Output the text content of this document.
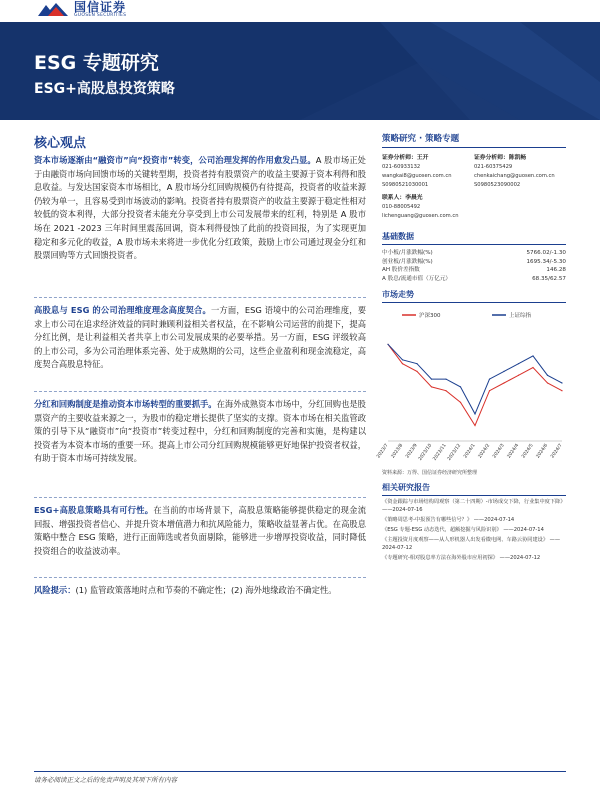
国信证券
GUOSEN SECURITIES
ESG 专题研究
ESG+高股息投资策略
核心观点
资本市场逐渐由“融资市”向“投资市”转变，公司治理发挥的作用愈发凸显。A 股市场正处于由融资市场向回馈市场的关键转型期，投资者持有股票资产的收益主要源于资本利得和股息收益。与发达国家资本市场相比，A 股市场分红回购规模仍有待提高，投资者的收益来源仍较为单一，且容易受到市场波动的影响。投资者持有股票资产的收益主要源于稳定性相对较低的资本利得，大部分投资者未能充分享受到上市公司发展带来的红利，特别是 A 股市场在 2021 -2023 三年时间里震荡回调，资本利得侵蚀了此前的投资回报，为了实现更加稳定和多元化的收益，A 股市场未来将进一步优化分红政策，鼓励上市公司通过现金分红和股票回购等方式回馈投资者。
高股息与 ESG 的公司治理维度理念高度契合。一方面，ESG 语境中的公司治理维度，要求上市公司在追求经济效益的同时兼顾利益相关者权益，在不影响公司运营的前提下，提高分红比例，是让利益相关者共享上市公司发展成果的必要举措。另一方面，ESG 评级较高的上市公司，多为公司治理体系完善、处于成熟期的公司，这些企业盈利和现金流稳定，高度契合高股息特征。
分红和回购制度是推动资本市场转型的重要抓手。在海外成熟资本市场中，分红回购也是股票资产的主要收益来源之一，为股市的稳定增长提供了坚实的支撑。资本市场在相关监管政策的引导下从“融资市”向“投资市”转变过程中，分红和回购制度的完善和实施，是构建以投资者为本资本市场的重要一环。提高上市公司分红回购规模能够更好地保护投资者权益，有助于资本市场可持续发展。
ESG+高股息策略具有可行性。在当前的市场背景下，高股息策略能够提供稳定的现金流回报、增强投资者信心、并提升资本增值潜力和抗风险能力，策略收益显著占优。在高股息策略中整合 ESG 策略，进行正面筛选或者负面剔除，能够进一步增厚投资收益，同时降低投资组合的收益波动率。
风险提示：(1) 监管政策落地时点和节奏的不确定性；(2) 海外地缘政治不确定性。
策略研究 · 策略专题
证券分析师：王开
021-60933132
wangkai8@guosen.com.cn
S0980521030001
证券分析师：陈凯畅
021-60375429
chenkaichang@guosen.com.cn
S0980523090002
联系人：李晨光
010-88005492
lichenguang@guosen.com.cn
基础数据
中小板/月涨跌幅(%)	5766.02/-1.30
创业板/月涨跌幅(%)	1695.34/-5.30
AH 股价差指数	146.28
A 股总/流通市值（万亿元）	68.35/62.57
市场走势
沪深300	上证综指
2023/7 2023/8 2023/9 2023/10 2023/11 2023/12 2024/1 2024/2 2024/3 2024/4 2024/5 2024/6 2024/7
资料来源：万得、国信证券经济研究所整理
相关研究报告
《资金跟踪与市场结构周观察（第二十四期）-市场成交下降，行业集中度下降》 ——2024-07-16
《策略周思考-中报预告有哪些信号？》 ——2024-07-14
《ESG 专题-ESG 动态迭代，超额挖掘与风险识别》 ——2024-07-14
《主题投资月度观察——从人形机器人出发看微电网、车路云协同建设》 ——2024-07-12
《专题研究-相对股息率方法在海外股市应用初探》 ——2024-07-12
请务必阅读正文之后的免责声明及其项下所有内容
